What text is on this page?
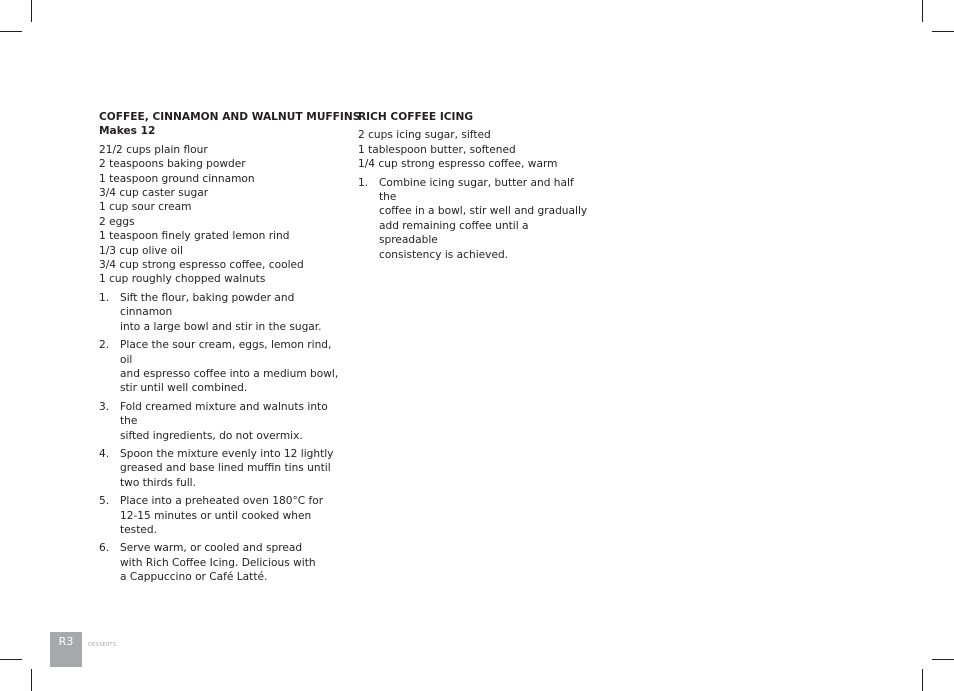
COFFEE, CINNAMON AND WALNUT MUFFINS

Makes 12

21/2 cups plain flour
2 teaspoons baking powder
1 teaspoon ground cinnamon
3/4 cup caster sugar
1 cup sour cream
2 eggs
1 teaspoon finely grated lemon rind
1/3 cup olive oil
3/4 cup strong espresso coffee, cooled
1 cup roughly chopped walnuts
1. Sift the flour, baking powder and cinnamon
into a large bowl and stir in the sugar.
2. Place the sour cream, eggs, lemon rind, oil
and espresso coffee into a medium bowl,
stir until well combined.
3. Fold creamed mixture and walnuts into the
sifted ingredients, do not overmix.
4. Spoon the mixture evenly into 12 lightly
greased and base lined muffin tins until
two thirds full.
5. Place into a preheated oven 180°C for
12-15 minutes or until cooked when tested.
6. Serve warm, or cooled and spread
with Rich Coffee Icing. Delicious with
a Cappuccino or Café Latté.

RICH COFFEE ICING

2 cups icing sugar, sifted
1 tablespoon butter, softened
1/4 cup strong espresso coffee, warm
1. Combine icing sugar, butter and half the
coffee in a bowl, stir well and gradually
add remaining coffee until a spreadable
consistency is achieved.
R3	DESSERTS
